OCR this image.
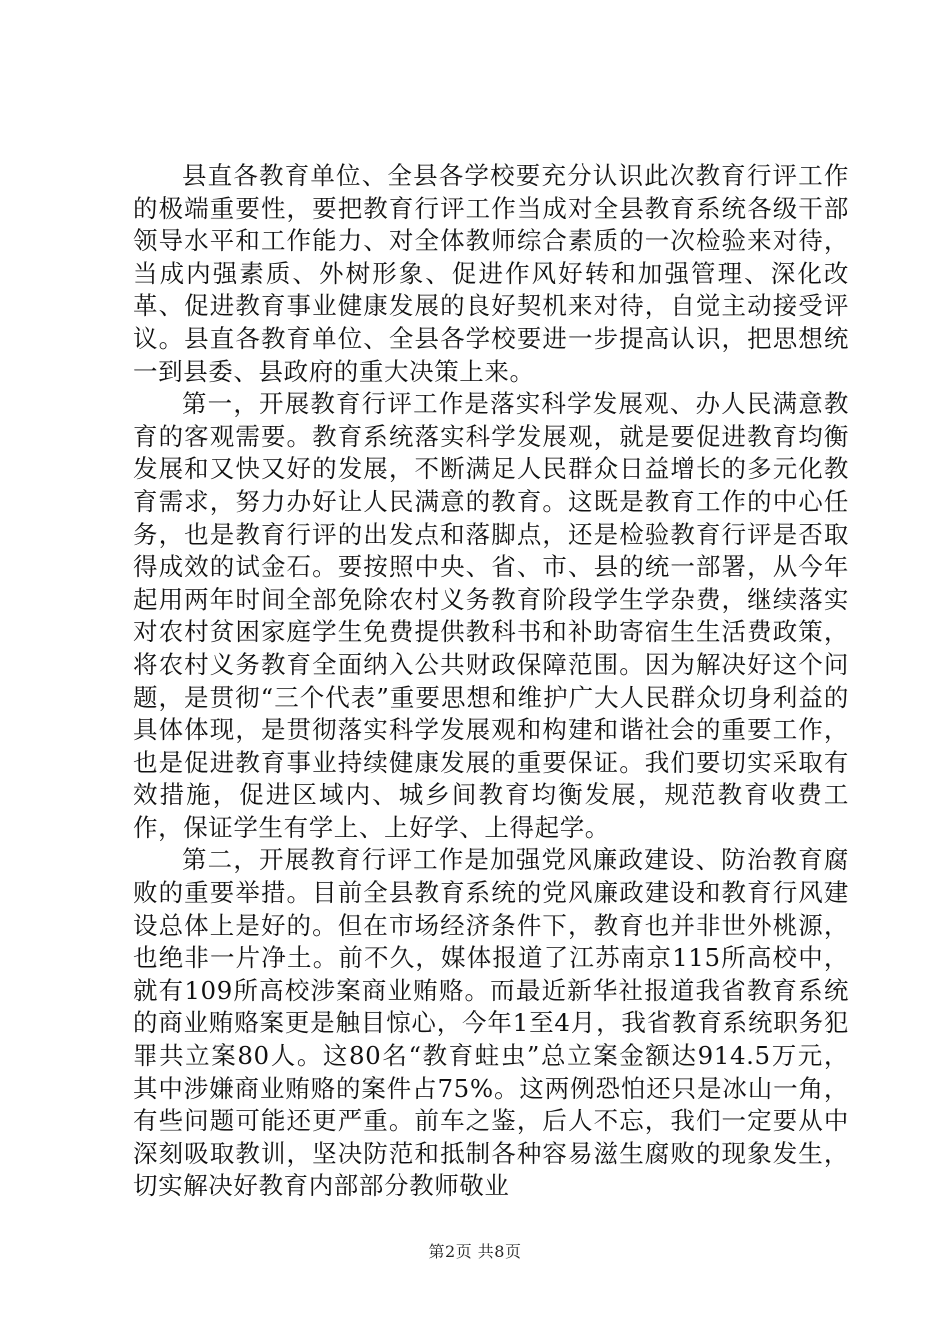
县直各教育单位、全县各学校要充分认识此次教育行评工作的极端重要性，要把教育行评工作当成对全县教育系统各级干部领导水平和工作能力、对全体教师综合素质的一次检验来对待，当成内强素质、外树形象、促进作风好转和加强管理、深化改革、促进教育事业健康发展的良好契机来对待，自觉主动接受评议。县直各教育单位、全县各学校要进一步提高认识，把思想统一到县委、县政府的重大决策上来。

第一，开展教育行评工作是落实科学发展观、办人民满意教育的客观需要。教育系统落实科学发展观，就是要促进教育均衡发展和又快又好的发展，不断满足人民群众日益增长的多元化教育需求，努力办好让人民满意的教育。这既是教育工作的中心任务，也是教育行评的出发点和落脚点，还是检验教育行评是否取得成效的试金石。要按照中央、省、市、县的统一部署，从今年起用两年时间全部免除农村义务教育阶段学生学杂费，继续落实对农村贫困家庭学生免费提供教科书和补助寄宿生生活费政策，将农村义务教育全面纳入公共财政保障范围。因为解决好这个问题，是贯彻“三个代表”重要思想和维护广大人民群众切身利益的具体体现，是贯彻落实科学发展观和构建和谐社会的重要工作，也是促进教育事业持续健康发展的重要保证。我们要切实采取有效措施，促进区域内、城乡间教育均衡发展，规范教育收费工作，保证学生有学上、上好学、上得起学。

第二，开展教育行评工作是加强党风廉政建设、防治教育腐败的重要举措。目前全县教育系统的党风廉政建设和教育行风建设总体上是好的。但在市场经济条件下，教育也并非世外桃源，也绝非一片净土。前不久，媒体报道了江苏南京115所高校中，就有109所高校涉案商业贿赂。而最近新华社报道我省教育系统的商业贿赂案更是触目惊心，今年1至4月，我省教育系统职务犯罪共立案80人。这80名“教育蛀虫”总立案金额达914.5万元，其中涉嫌商业贿赂的案件占75%。这两例恐怕还只是冰山一角，有些问题可能还更严重。前车之鉴，后人不忘，我们一定要从中深刻吸取教训，坚决防范和抵制各种容易滋生腐败的现象发生，切实解决好教育内部部分教师敬业

第2页 共8页
